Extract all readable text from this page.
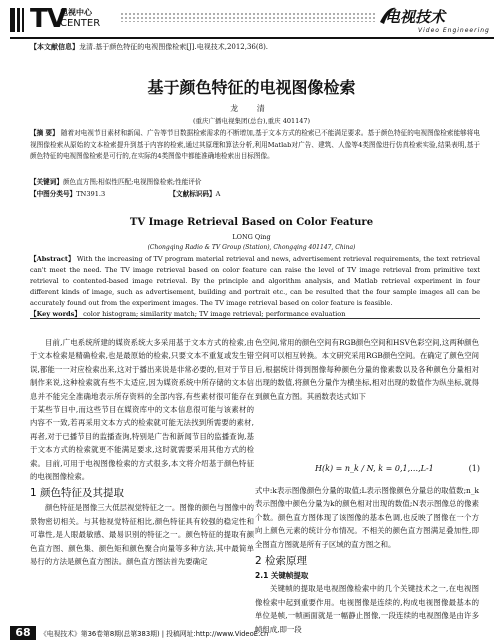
TV
电视中心
CENTER	电视技术
Video Engineering
【本文献信息】龙清.基于颜色特征的电视图像检索[J].电视技术,2012,36(8).
基于颜色特征的电视图像检索
龙 清
(重庆广播电视集团(总台),重庆 401147)
【摘 要】 随着对电视节目素材和新闻、广告等节目数据检索需求的不断增加,基于文本方式的检索已不能满足要求。基于颜色特征的电视图像检索能够将电视图像检索从原始的文本检索提升到基于内容的检索,通过其原理和算法分析,利用Matlab对广告、建筑、人像等4类图像进行仿真检索实验,结果表明,基于颜色特征的电视图像检索是可行的,在实际的4类图像中都能准确地检索出目标图像。
【关键词】颜色直方图;相似性匹配;电视图像检索;性能评价
【中图分类号】TN391.3	【文献标识码】A
TV Image Retrieval Based on Color Feature
LONG Qing
(Chongqing Radio & TV Group (Station), Chongqing 401147, China)
【Abstract】 With the increasing of TV program material retrieval and news, advertisement retrieval requirements, the text retrieval can't meet the need. The TV image retrieval based on color feature can raise the level of TV image retrieval from primitive text retrieval to contented-based image retrieval. By the principle and algorithm analysis, and Matlab retrieval experiment in four different kinds of image, such as advertisement, building and portrait etc., can be resulted that the four sample images all can be accurately found out from the experiment images. The TV image retrieval based on color feature is feasible.
【Key words】 color histogram; similarity match; TV image retrieval; performance evaluation

目前,广电系统所建的媒资系统大多采用基于文本方式的检索,由于文本检索是精确检索,也是最原始的检索,只要文本不重复或发生错误,都能一一对应检索出来,这对于播出来说是非常必要的,但对于节目制作来说,这种检索就有些不太适应,因为媒资系统中所存储的文本信息并不能完全准确地表示所存资料的全部内容,有些素材很可能存在于某些节目中,而这些节目在媒资库中的文本信息很可能与该素材的内容不一致,若再采用文本方式的检索就可能无法找到所需要的素材,再者,对于已播节目的监播查询,特别是广告和新闻节目的监播查询,基于文本方式的检索就更不能满足要求,这时就需要采用其他方式的检索。目前,可用于电视图像检索的方式很多,本文将介绍基于颜色特征的电视图像检索。

1 颜色特征及其提取

颜色特征是图像三大低层视觉特征之一。图像的颜色与图像中的景物密切相关。与其他视觉特征相比,颜色特征具有较强的稳定性和可靠性,是人眼最敏感、最易识别的特征之一。颜色特征的提取有颜色直方图、颜色集、颜色矩和颜色聚合向量等多种方法,其中最简单易行的方法是颜色直方图法。颜色直方图法首先要确定

色空间,常用的颜色空间有RGB颜色空间和HSV色彩空间,这两种颜色空间可以相互转换。本文研究采用RGB颜色空间。在确定了颜色空间后,根据统计得到图像每种颜色分量的像素数以及各种颜色分量相对出现的数值,将颜色分量作为横坐标,相对出现的数值作为纵坐标,就得到颜色直方图。其函数表达式如下

H(k) = n_k / N, k = 0,1,…,L-1	(1)

式中:k表示图像颜色分量的取值;L表示图像颜色分量总的取值数;n_k表示图像中颜色分量为k的颜色相对出现的数值;N表示图像总的像素个数。颜色直方图体现了该图像的基本色调,也反映了图像在一个方向上颜色元素的统计分布情况。不相关的颜色直方图满足叠加性,即全图直方图就是所有子区域的直方图之和。

2 检索原理
2.1 关键帧提取

关键帧的提取是电视图像检索中的几个关键技术之一,在电视图像检索中起到重要作用。电视图像是连续的,构成电视图像最基本的单位是帧,一帧画面就是一幅静止图像,一段连续的电视图像是由许多帧组成,即一段

68	《电视技术》第36卷第8期(总第383期) | 投稿网址:http://www.VideoE.cn
